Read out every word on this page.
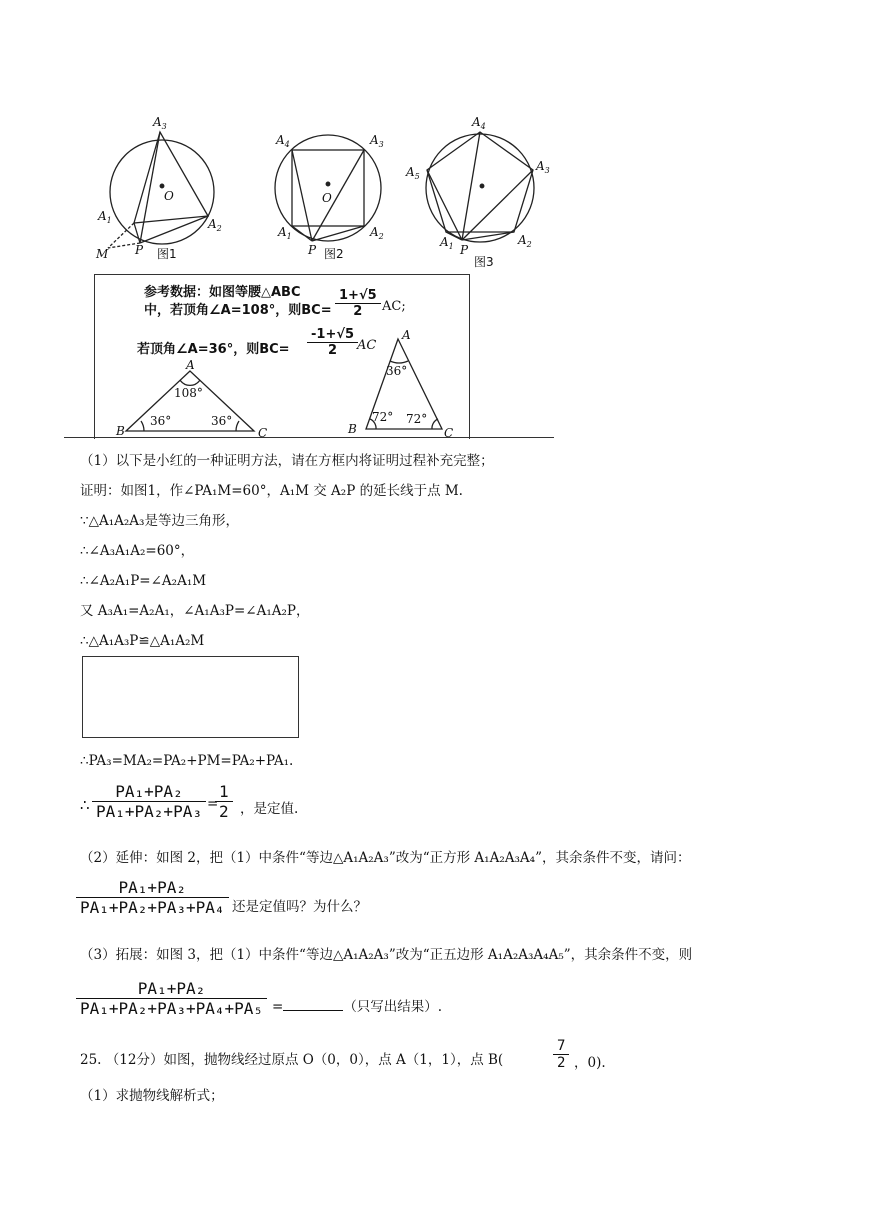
$A_3$
O
$A_1$	$A_2$
P
M	图1
$A_4$	$A_3$
O
$A_1$	$A_2$
P 图2
$A_4$
$A_5$
$A_3$
$A_1$ P
$A_2$
图3
参考数据：如图等腰△ABC
中，若顶角∠A=108°，则$BC= \frac{1+√5}{2}$ AC;
若顶角∠A=36°，则$BC= \frac{-1+√5}{2}$
AC
A
108°
36°	36°
B	C
A
36°
72° 72°
B	C
（1）以下是小红的一种证明方法，请在方框内将证明过程补充完整；
证明：如图1，作∠PA₁M=60°，A₁M 交 A₂P 的延长线于点 M.
∵△A₁A₂A₃是等边三角形，
∴∠A₃A₁A₂=60°，
∴∠A₂A₁P=∠A₂A₁M
又 A₃A₁=A₂A₁，∠A₁A₃P=∠A₁A₂P，
∴△A₁A₃P≌△A₁A₂M
∴PA₃=MA₂=PA₂+PM=PA₂+PA₁.
∴ $\frac{\text{PA₁+PA₂}}{\text{PA₁+PA₂+PA₃}}$ =
$\frac{1}{2}$ ，是定值.
（2）延伸：如图 2，把（1）中条件“等边△A₁A₂A₃”改为“正方形 A₁A₂A₃A₄”，其余条件不变，请问：
$\frac{\text{PA₁+PA₂}}{\text{PA₁+PA₂+PA₃+PA₄}}$ 还是定值吗？为什么？
（3）拓展：如图 3，把（1）中条件“等边△A₁A₂A₃”改为“正五边形 A₁A₂A₃A₄A₅”，其余条件不变，则
$\frac{\text{PA₁+PA₂}}{\text{PA₁+PA₂+PA₃+PA₄+PA₅}}$ =	（只写出结果）.
25. （12分）如图，抛物线经过原点 O（0，0），点 A（1，1），点 B(	$\frac{7}{2}$ ，0).
（1）求抛物线解析式；
